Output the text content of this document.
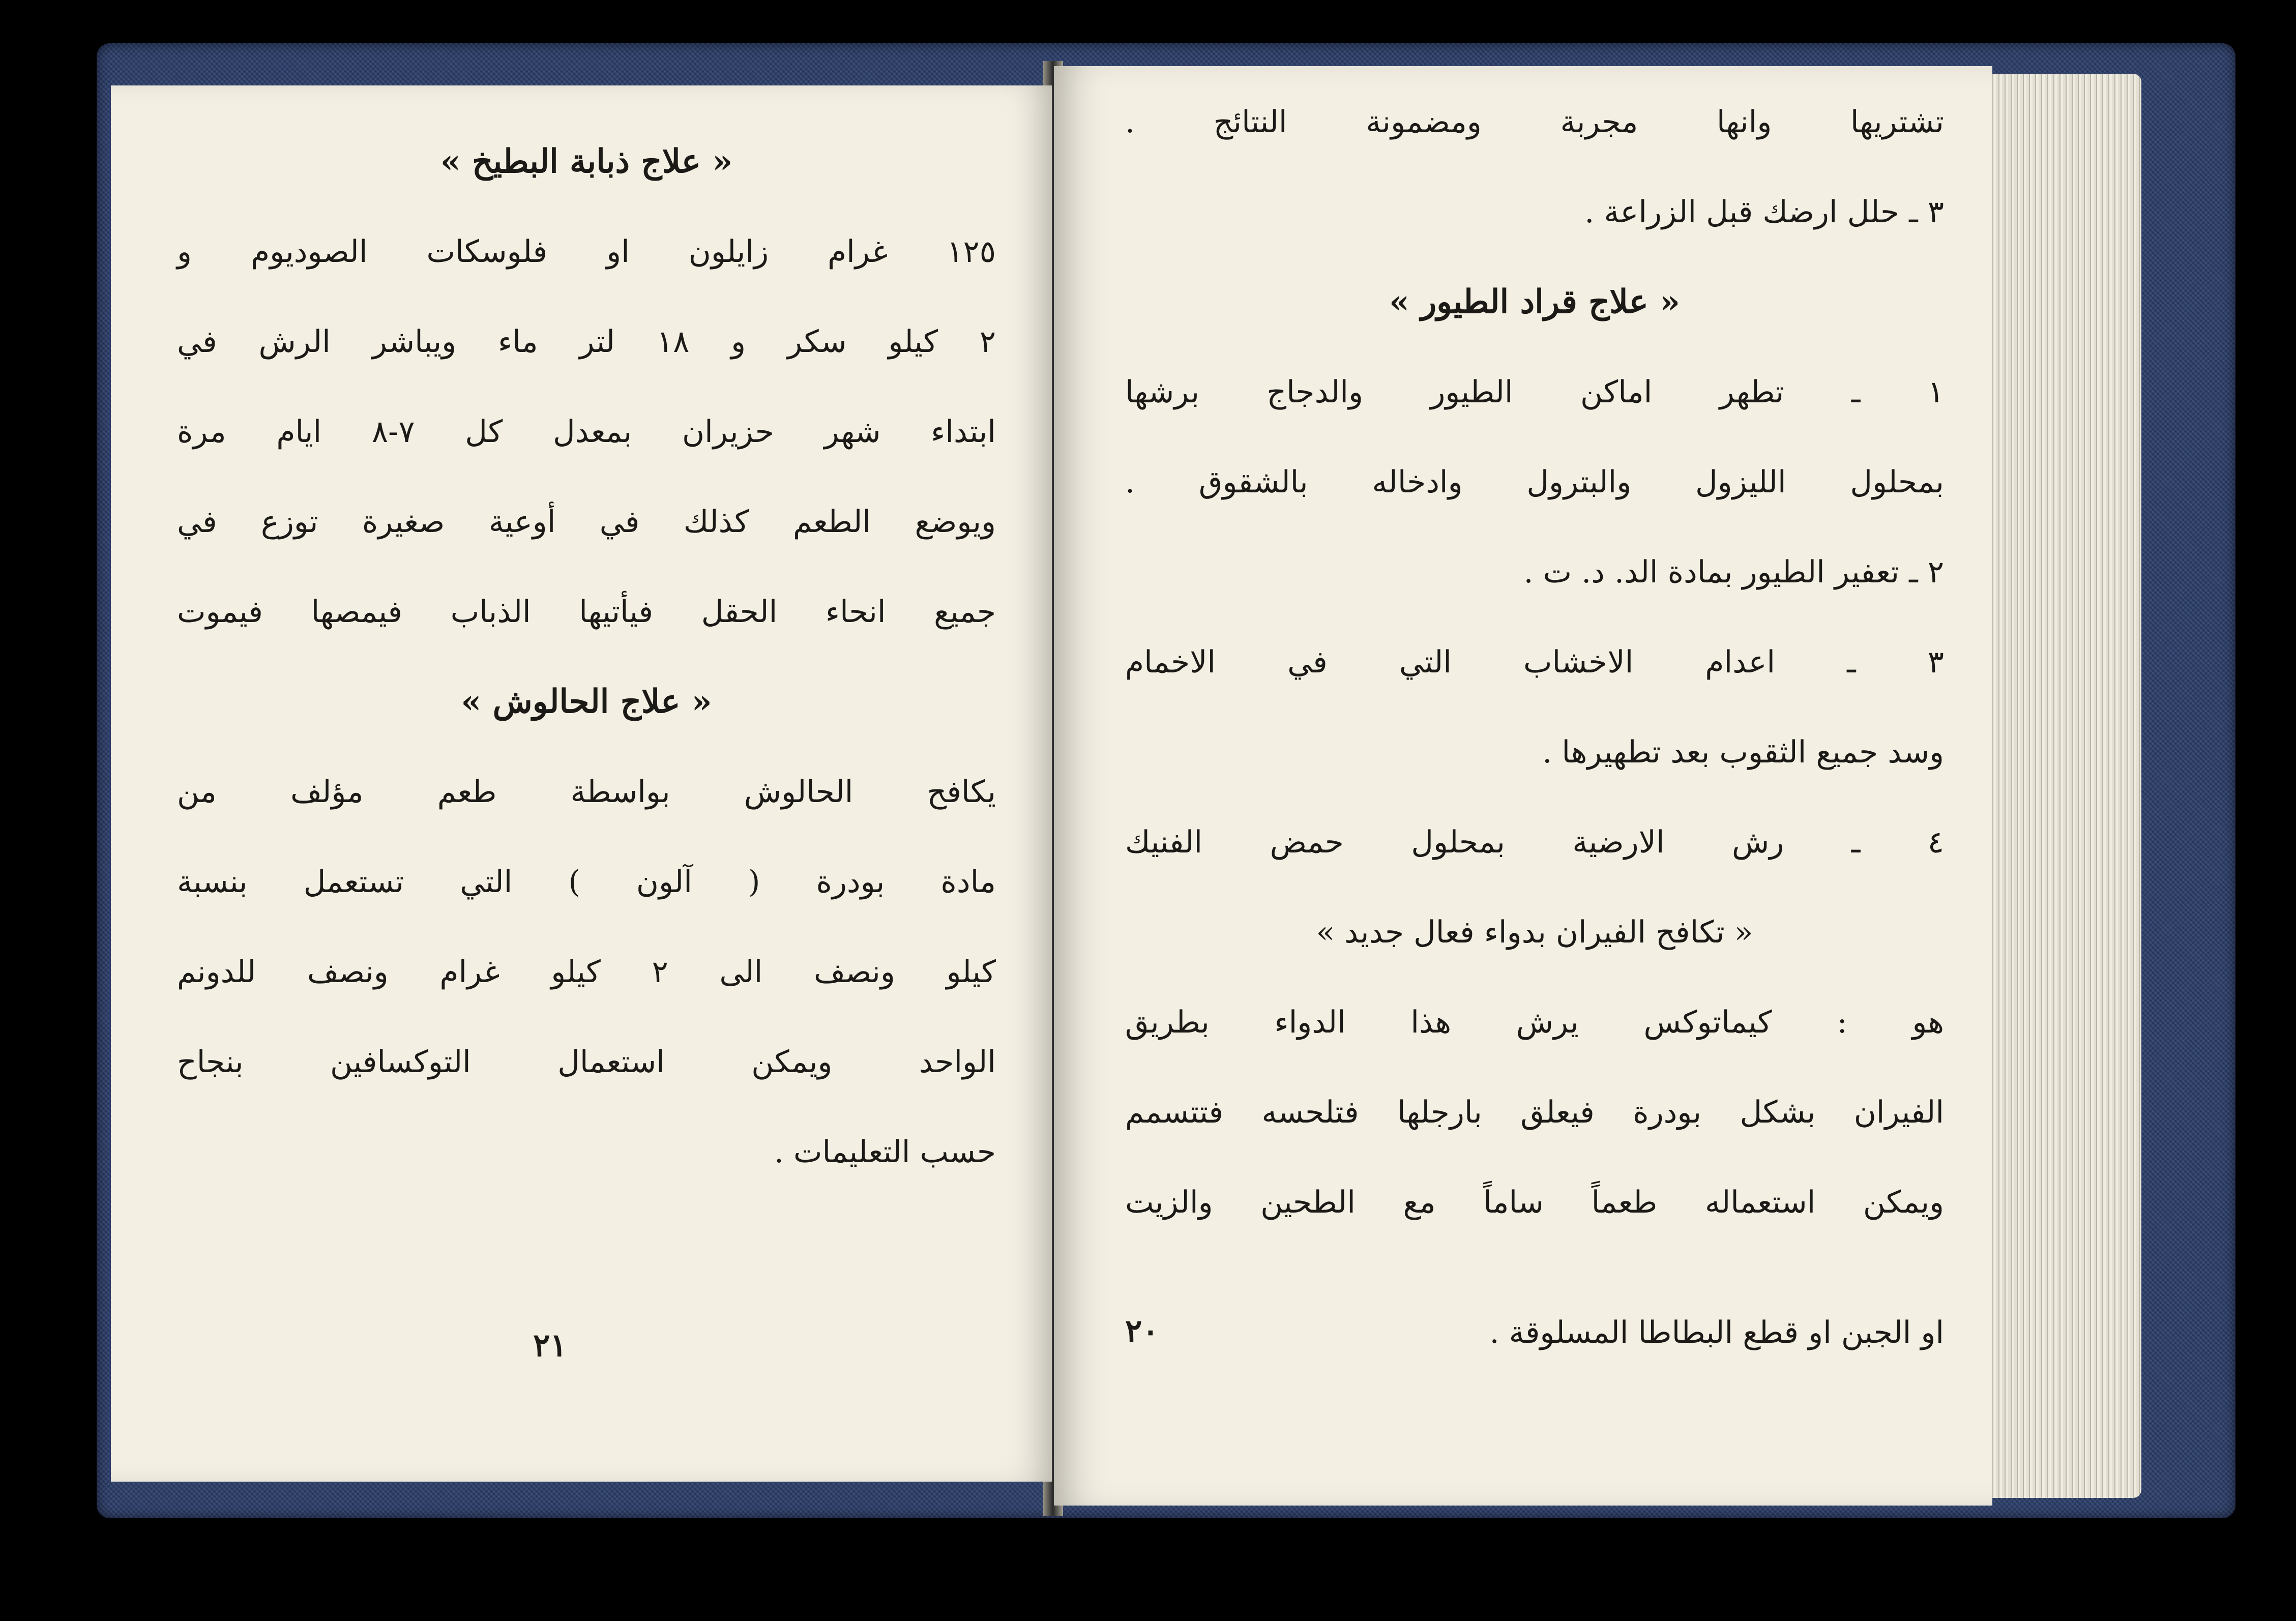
« علاج ذبابة البطيخ »
١٢٥ غرام زايلون او فلوسكات الصوديوم و
٢ كيلو سكر و ١٨ لتر ماء ويباشر الرش في
ابتداء شهر حزيران بمعدل كل ٧-٨ ايام مرة
ويوضع الطعم كذلك في أوعية صغيرة توزع في
جميع انحاء الحقل فيأتيها الذباب فيمصها فيموت
« علاج الحالوش »
يكافح الحالوش بواسطة طعم مؤلف من
مادة بودرة ( آلون ) التي تستعمل بنسبة
كيلو ونصف الى ٢ كيلو غرام ونصف للدونم
الواحد ويمكن استعمال التوكسافين بنجاح
حسب التعليمات .
٢١
تشتريها وانها مجربة ومضمونة النتائج .
٣ ـ حلل ارضك قبل الزراعة .
« علاج قراد الطيور »
١ ـ تطهر اماكن الطيور والدجاج برشها
بمحلول الليزول والبترول وادخاله بالشقوق .
٢ ـ تعفير الطيور بمادة الد. د. ت .
٣ ـ اعدام الاخشاب التي في الاخمام
وسد جميع الثقوب بعد تطهيرها .
٤ ـ رش الارضية بمحلول حمض الفنيك
« تكافح الفيران بدواء فعال جديد »
هو : كيماتوكس يرش هذا الدواء بطريق
الفيران بشكل بودرة فيعلق بارجلها فتلحسه فتتسمم
ويمكن استعماله طعماً ساماً مع الطحين والزيت
او الجبن او قطع البطاطا المسلوقة .
٢٠
